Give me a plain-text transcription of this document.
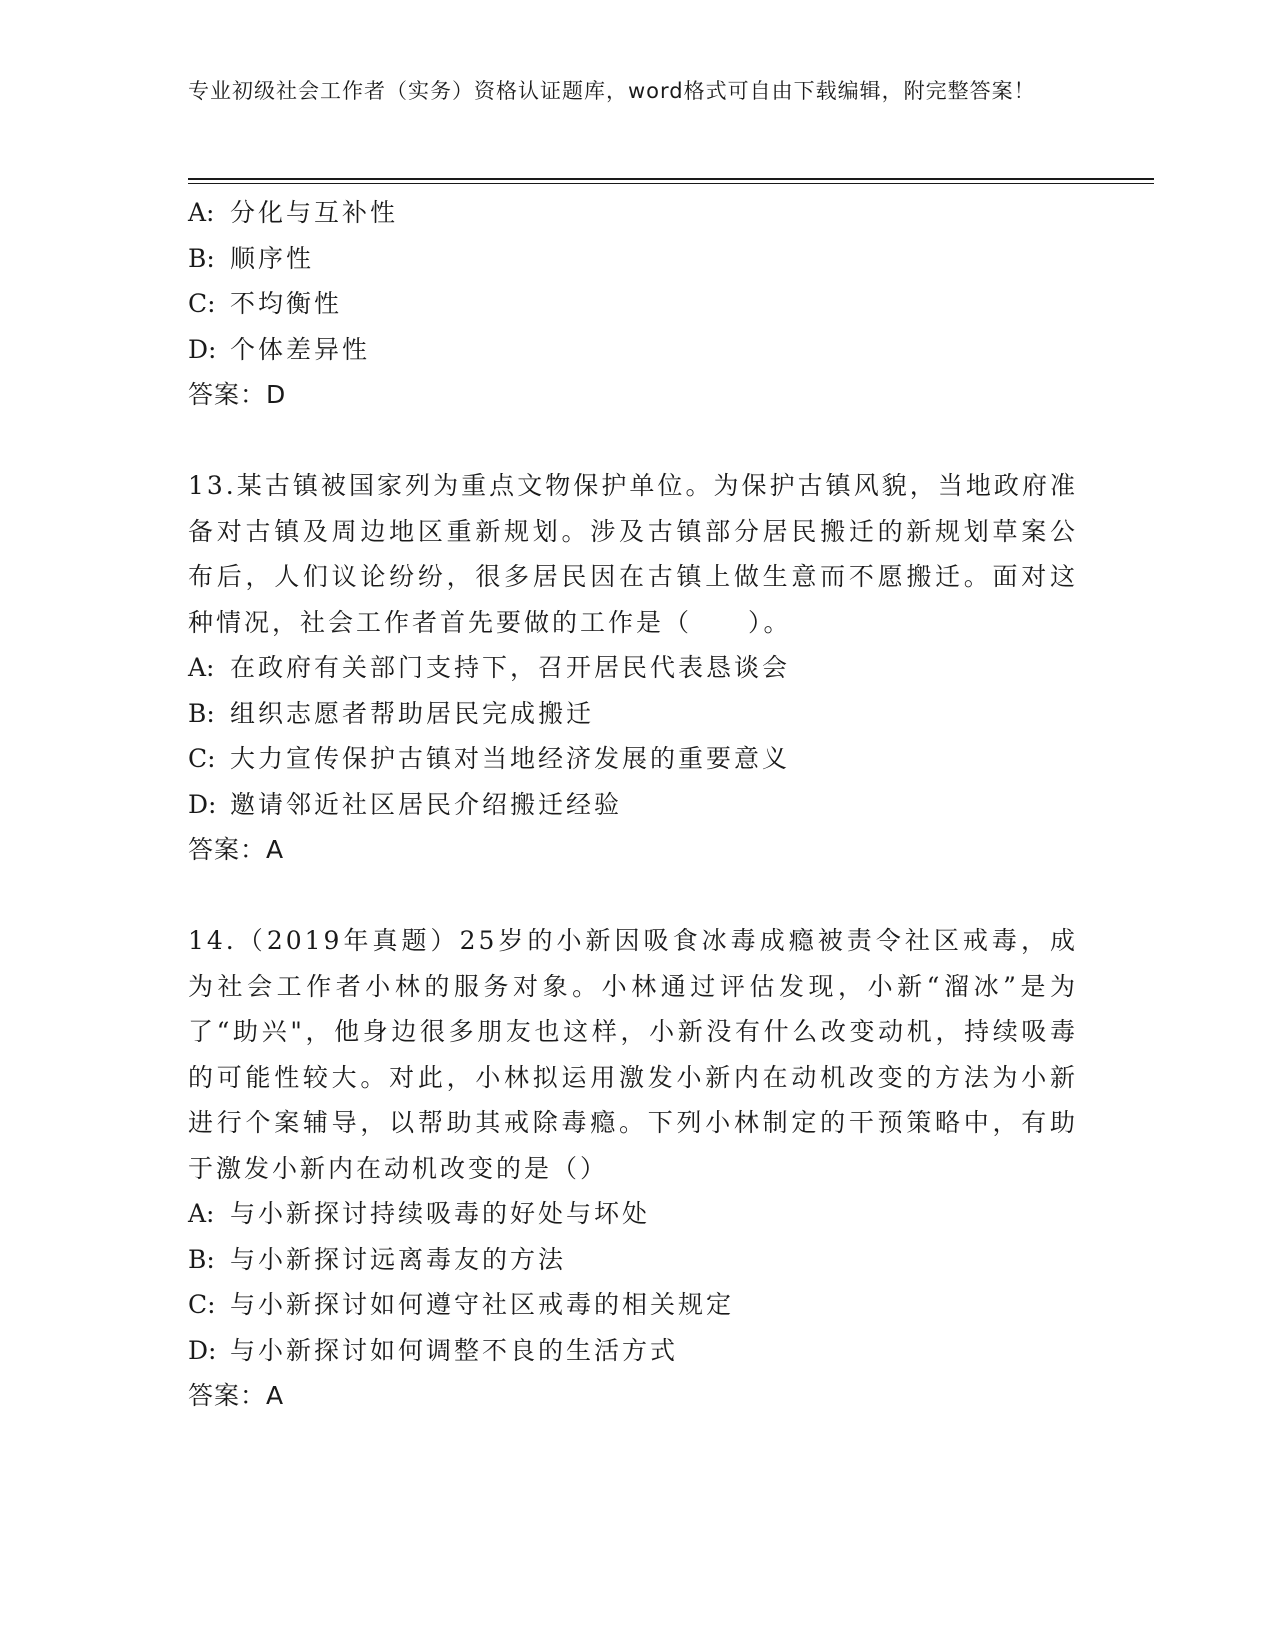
专业初级社会工作者（实务）资格认证题库，word格式可自由下载编辑，附完整答案！
A: 分化与互补性
B: 顺序性
C: 不均衡性
D: 个体差异性
答案：D
13.某古镇被国家列为重点文物保护单位。为保护古镇风貌，当地政府准备对古镇及周边地区重新规划。涉及古镇部分居民搬迁的新规划草案公布后，人们议论纷纷，很多居民因在古镇上做生意而不愿搬迁。面对这种情况，社会工作者首先要做的工作是（　　）。
A: 在政府有关部门支持下，召开居民代表恳谈会
B: 组织志愿者帮助居民完成搬迁
C: 大力宣传保护古镇对当地经济发展的重要意义
D: 邀请邻近社区居民介绍搬迁经验
答案：A
14.（2019年真题）25岁的小新因吸食冰毒成瘾被责令社区戒毒，成为社会工作者小林的服务对象。小林通过评估发现，小新“溜冰”是为了“助兴"，他身边很多朋友也这样，小新没有什么改变动机，持续吸毒的可能性较大。对此，小林拟运用激发小新内在动机改变的方法为小新进行个案辅导，以帮助其戒除毒瘾。下列小林制定的干预策略中，有助于激发小新内在动机改变的是（）
A: 与小新探讨持续吸毒的好处与坏处
B: 与小新探讨远离毒友的方法
C: 与小新探讨如何遵守社区戒毒的相关规定
D: 与小新探讨如何调整不良的生活方式
答案：A
